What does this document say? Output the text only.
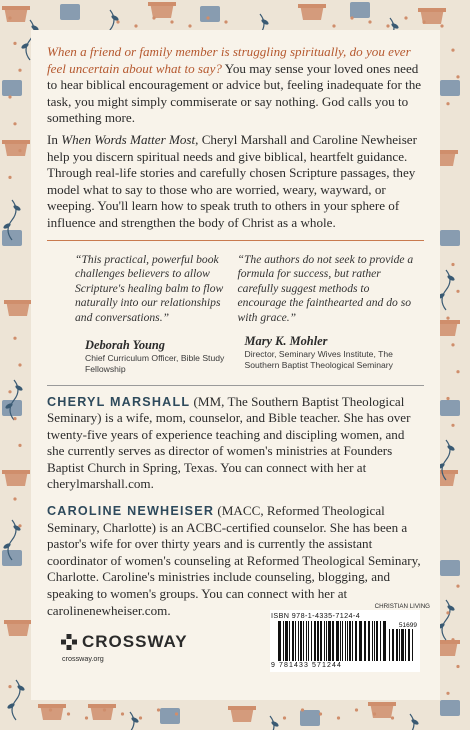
When a friend or family member is struggling spiritually, do you ever feel uncertain about what to say? You may sense your loved ones need to hear biblical encouragement or advice but, feeling inadequate for the task, you might simply commiserate or say nothing. God calls you to something more.

In When Words Matter Most, Cheryl Marshall and Caroline Newheiser help you discern spiritual needs and give biblical, heartfelt guidance. Through real-life stories and carefully chosen Scripture passages, they model what to say to those who are worried, weary, wayward, or weeping. You'll learn how to speak truth to others in your sphere of influence and strengthen the body of Christ as a whole.

“This practical, powerful book challenges believers to allow Scripture's healing balm to flow naturally into our relationships and conversations.”

Deborah Young

Chief Curriculum Officer, Bible Study Fellowship

“The authors do not seek to provide a formula for success, but rather carefully suggest methods to encourage the fainthearted and do so with grace.”

Mary K. Mohler

Director, Seminary Wives Institute, The Southern Baptist Theological Seminary

CHERYL MARSHALL (MM, The Southern Baptist Theological Seminary) is a wife, mom, counselor, and Bible teacher. She has over twenty-five years of experience teaching and discipling women, and she currently serves as director of women's ministries at Founders Baptist Church in Spring, Texas. You can connect with her at cherylmarshall.com.

CAROLINE NEWHEISER (MACC, Reformed Theological Seminary, Charlotte) is an ACBC-certified counselor. She has been a pastor's wife for over thirty years and is currently the assistant coordinator of women's counseling at Reformed Theological Seminary, Charlotte. Caroline's ministries include counseling, blogging, and speaking to women's groups. You can connect with her at carolinenewheiser.com.	CHRISTIAN LIVING
CROSSWAY
crossway.org
ISBN 978-1-4335-7124-4
51699
9 781433 571244
